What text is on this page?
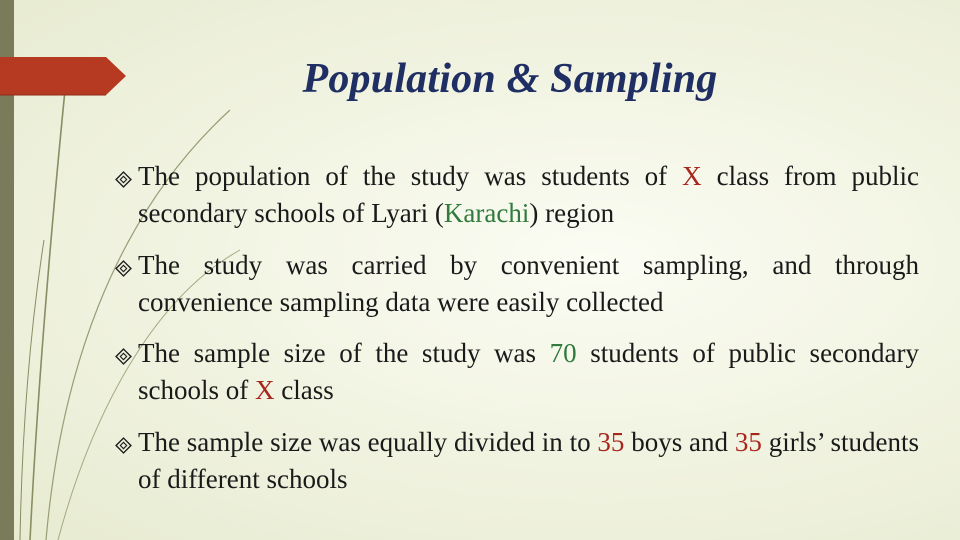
Population & Sampling
The population of the study was students of X class from public secondary schools of Lyari (Karachi) region
The study was carried by convenient sampling, and through convenience sampling data were easily collected
The sample size of the study was 70 students of public secondary schools of X class
The sample size was equally divided in to 35 boys and 35 girls’ students of different schools
